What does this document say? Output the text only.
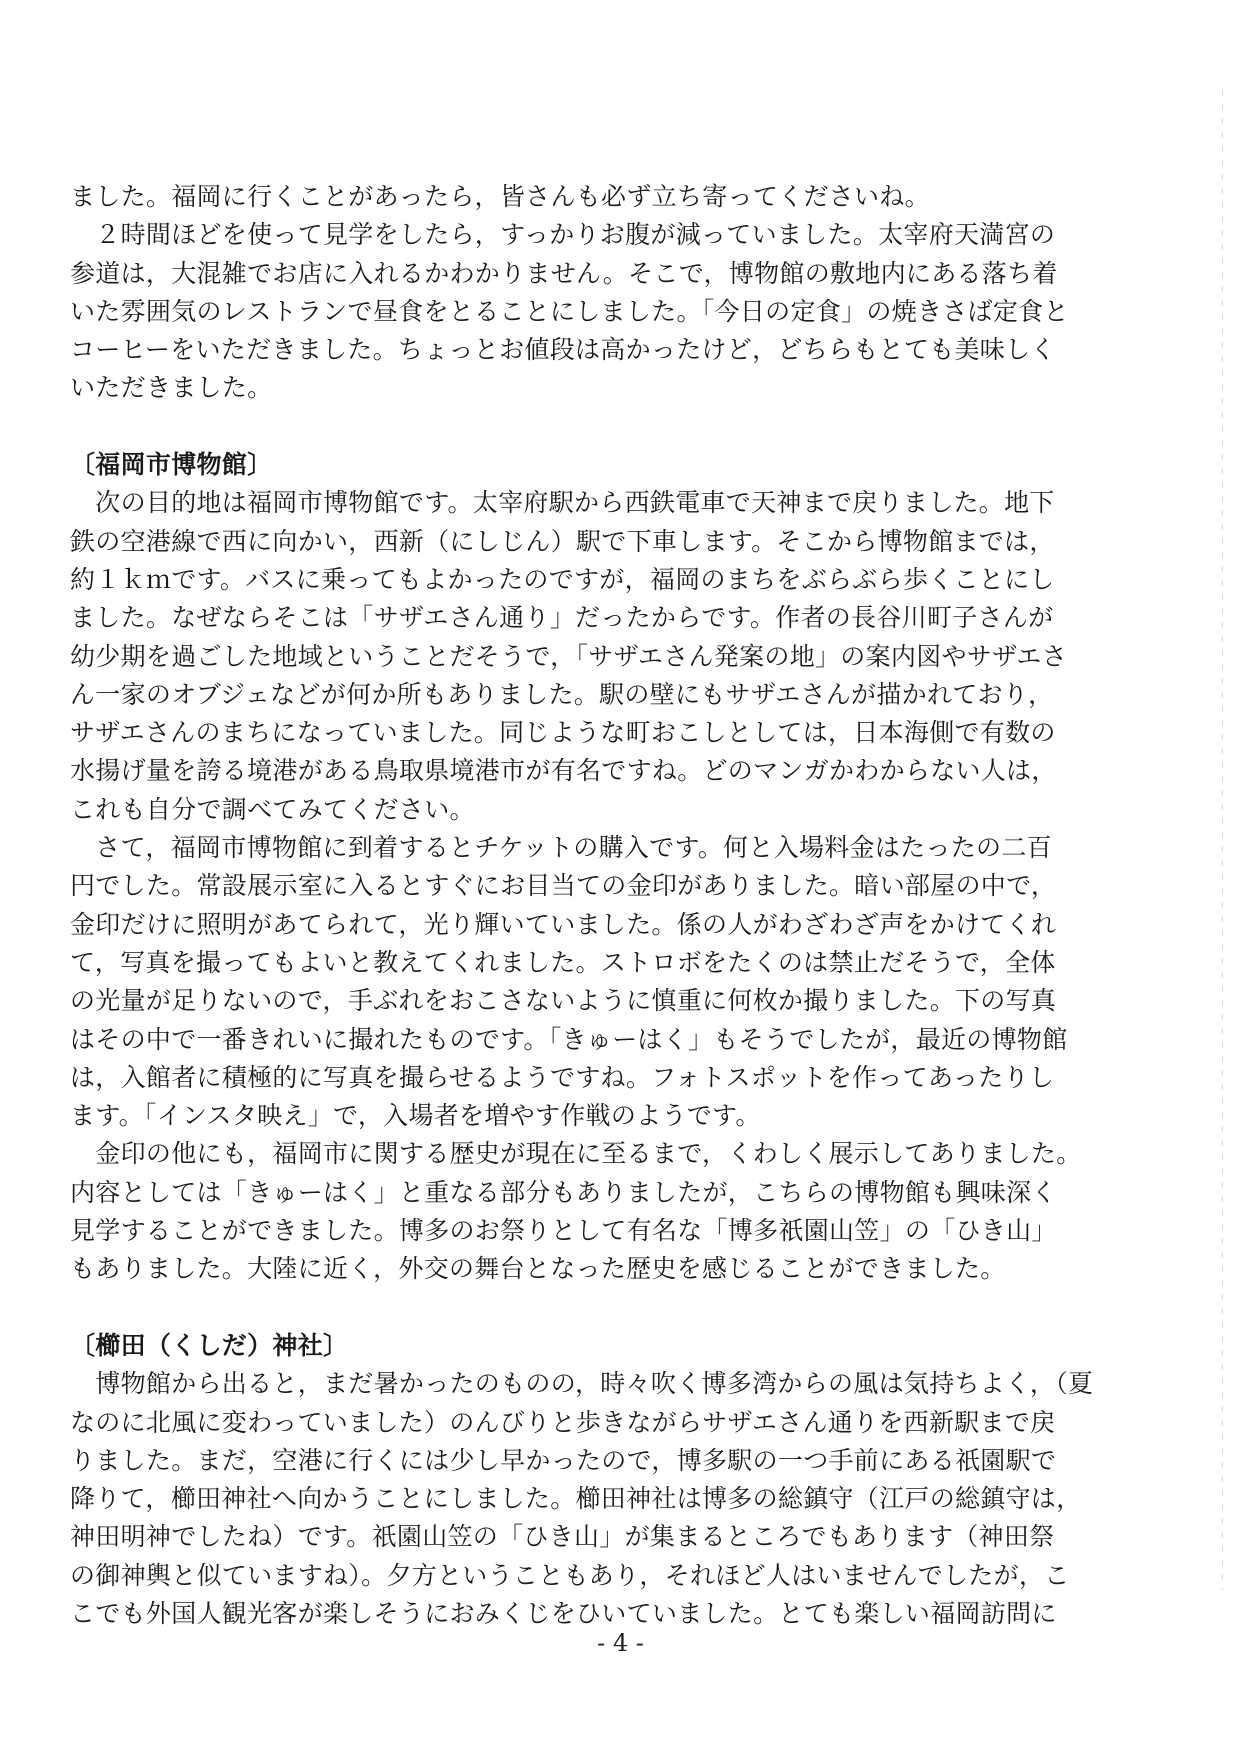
ました。福岡に行くことがあったら，皆さんも必ず立ち寄ってくださいね。

　２時間ほどを使って見学をしたら，すっかりお腹が減っていました。太宰府天満宮の
参道は，大混雑でお店に入れるかわかりません。そこで，博物館の敷地内にある落ち着
いた雰囲気のレストランで昼食をとることにしました。「今日の定食」の焼きさば定食と
コーヒーをいただきました。ちょっとお値段は高かったけど，どちらもとても美味しく
いただきました。

〔福岡市博物館〕

　次の目的地は福岡市博物館です。太宰府駅から西鉄電車で天神まで戻りました。地下
鉄の空港線で西に向かい，西新（にしじん）駅で下車します。そこから博物館までは，
約１ｋｍです。バスに乗ってもよかったのですが，福岡のまちをぶらぶら歩くことにし
ました。なぜならそこは「サザエさん通り」だったからです。作者の長谷川町子さんが
幼少期を過ごした地域ということだそうで，「サザエさん発案の地」の案内図やサザエさ
ん一家のオブジェなどが何か所もありました。駅の壁にもサザエさんが描かれており，
サザエさんのまちになっていました。同じような町おこしとしては，日本海側で有数の
水揚げ量を誇る境港がある鳥取県境港市が有名ですね。どのマンガかわからない人は，
これも自分で調べてみてください。

　さて，福岡市博物館に到着するとチケットの購入です。何と入場料金はたったの二百
円でした。常設展示室に入るとすぐにお目当ての金印がありました。暗い部屋の中で，
金印だけに照明があてられて，光り輝いていました。係の人がわざわざ声をかけてくれ
て，写真を撮ってもよいと教えてくれました。ストロボをたくのは禁止だそうで，全体
の光量が足りないので，手ぶれをおこさないように慎重に何枚か撮りました。下の写真
はその中で一番きれいに撮れたものです。「きゅーはく」もそうでしたが，最近の博物館
は，入館者に積極的に写真を撮らせるようですね。フォトスポットを作ってあったりし
ます。「インスタ映え」で，入場者を増やす作戦のようです。

　金印の他にも，福岡市に関する歴史が現在に至るまで，くわしく展示してありました。
内容としては「きゅーはく」と重なる部分もありましたが，こちらの博物館も興味深く
見学することができました。博多のお祭りとして有名な「博多祇園山笠」の「ひき山」
もありました。大陸に近く，外交の舞台となった歴史を感じることができました。

〔櫛田（くしだ）神社〕

　博物館から出ると，まだ暑かったのものの，時々吹く博多湾からの風は気持ちよく，（夏
なのに北風に変わっていました）のんびりと歩きながらサザエさん通りを西新駅まで戻
りました。まだ，空港に行くには少し早かったので，博多駅の一つ手前にある祇園駅で
降りて，櫛田神社へ向かうことにしました。櫛田神社は博多の総鎮守（江戸の総鎮守は，
神田明神でしたね）です。祇園山笠の「ひき山」が集まるところでもあります（神田祭
の御神輿と似ていますね）。夕方ということもあり，それほど人はいませんでしたが，こ
こでも外国人観光客が楽しそうにおみくじをひいていました。とても楽しい福岡訪問に

- 4 -
